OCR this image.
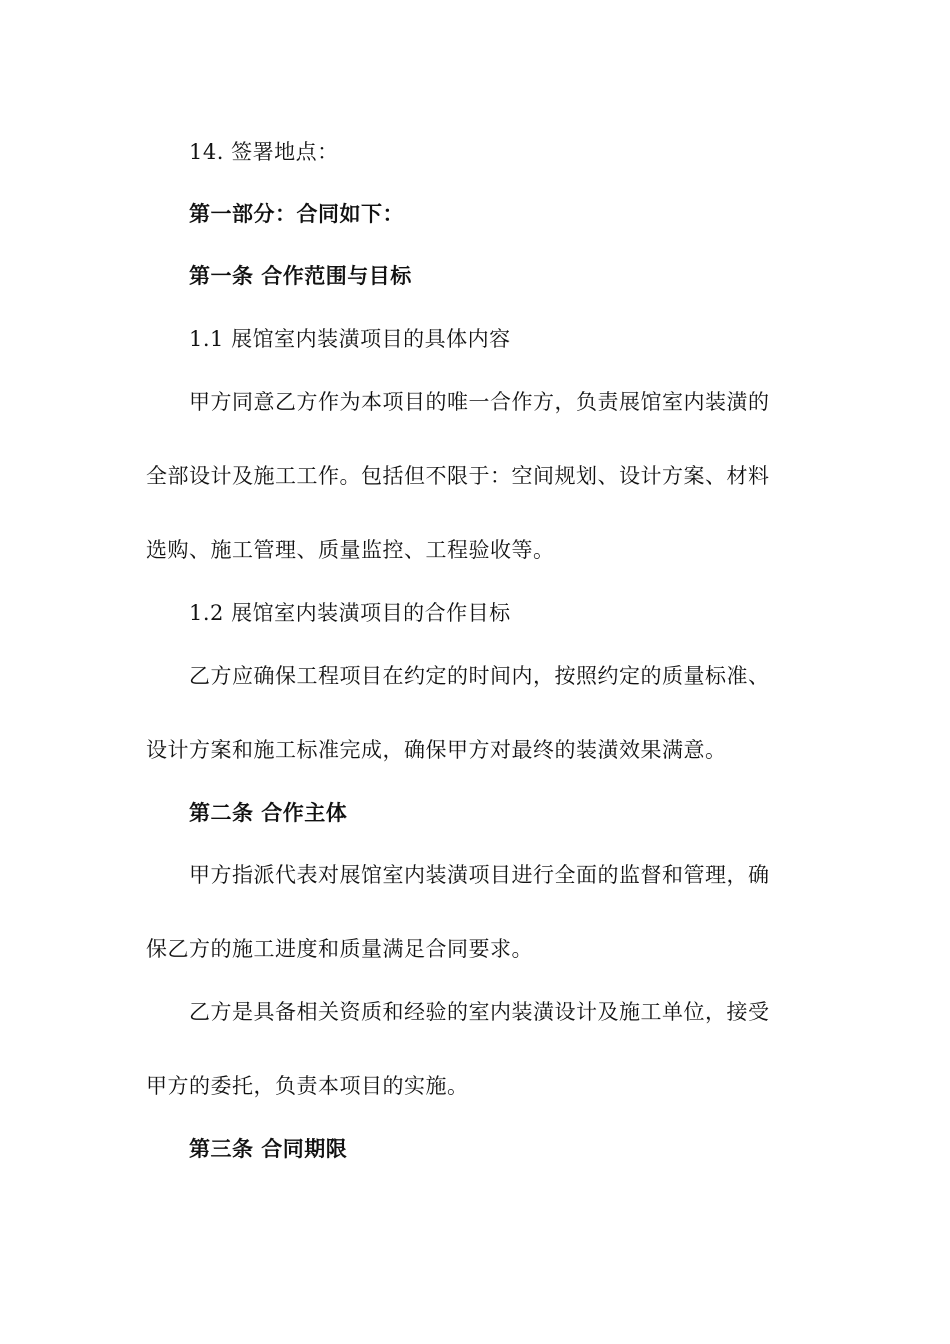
14. 签署地点：
第一部分：合同如下：
第一条 合作范围与目标
1.1 展馆室内装潢项目的具体内容
甲方同意乙方作为本项目的唯一合作方，负责展馆室内装潢的
全部设计及施工工作。包括但不限于：空间规划、设计方案、材料
选购、施工管理、质量监控、工程验收等。
1.2 展馆室内装潢项目的合作目标
乙方应确保工程项目在约定的时间内，按照约定的质量标准、
设计方案和施工标准完成，确保甲方对最终的装潢效果满意。
第二条 合作主体
甲方指派代表对展馆室内装潢项目进行全面的监督和管理，确
保乙方的施工进度和质量满足合同要求。
乙方是具备相关资质和经验的室内装潢设计及施工单位，接受
甲方的委托，负责本项目的实施。
第三条 合同期限
